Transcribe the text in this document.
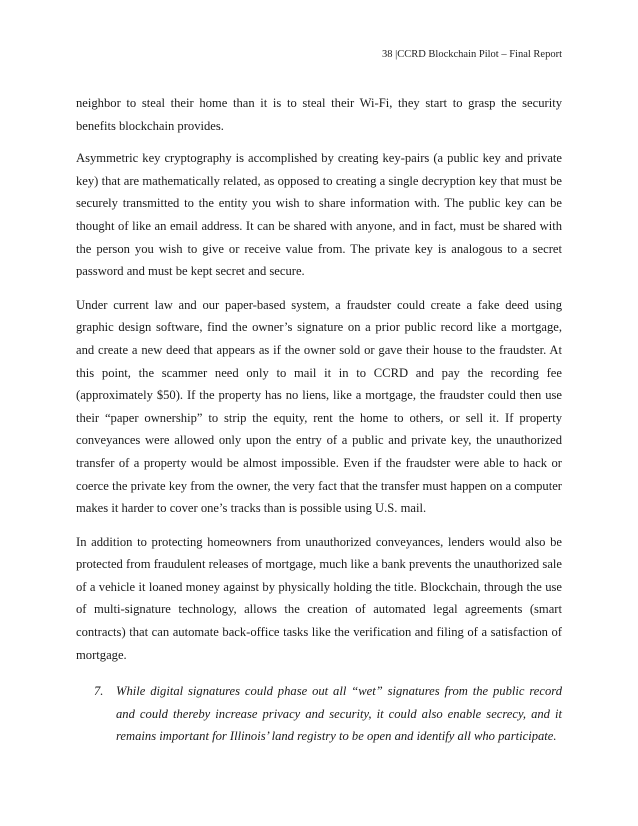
38 |CCRD Blockchain Pilot – Final Report

neighbor to steal their home than it is to steal their Wi-Fi, they start to grasp the security benefits blockchain provides.

Asymmetric key cryptography is accomplished by creating key-pairs (a public key and private key) that are mathematically related, as opposed to creating a single decryption key that must be securely transmitted to the entity you wish to share information with. The public key can be thought of like an email address. It can be shared with anyone, and in fact, must be shared with the person you wish to give or receive value from. The private key is analogous to a secret password and must be kept secret and secure.

Under current law and our paper-based system, a fraudster could create a fake deed using graphic design software, find the owner’s signature on a prior public record like a mortgage, and create a new deed that appears as if the owner sold or gave their house to the fraudster. At this point, the scammer need only to mail it in to CCRD and pay the recording fee (approximately $50). If the property has no liens, like a mortgage, the fraudster could then use their “paper ownership” to strip the equity, rent the home to others, or sell it. If property conveyances were allowed only upon the entry of a public and private key, the unauthorized transfer of a property would be almost impossible. Even if the fraudster were able to hack or coerce the private key from the owner, the very fact that the transfer must happen on a computer makes it harder to cover one’s tracks than is possible using U.S. mail.

In addition to protecting homeowners from unauthorized conveyances, lenders would also be protected from fraudulent releases of mortgage, much like a bank prevents the unauthorized sale of a vehicle it loaned money against by physically holding the title. Blockchain, through the use of multi-signature technology, allows the creation of automated legal agreements (smart contracts) that can automate back-office tasks like the verification and filing of a satisfaction of mortgage.

7. While digital signatures could phase out all “wet” signatures from the public record and could thereby increase privacy and security, it could also enable secrecy, and it remains important for Illinois’ land registry to be open and identify all who participate.
